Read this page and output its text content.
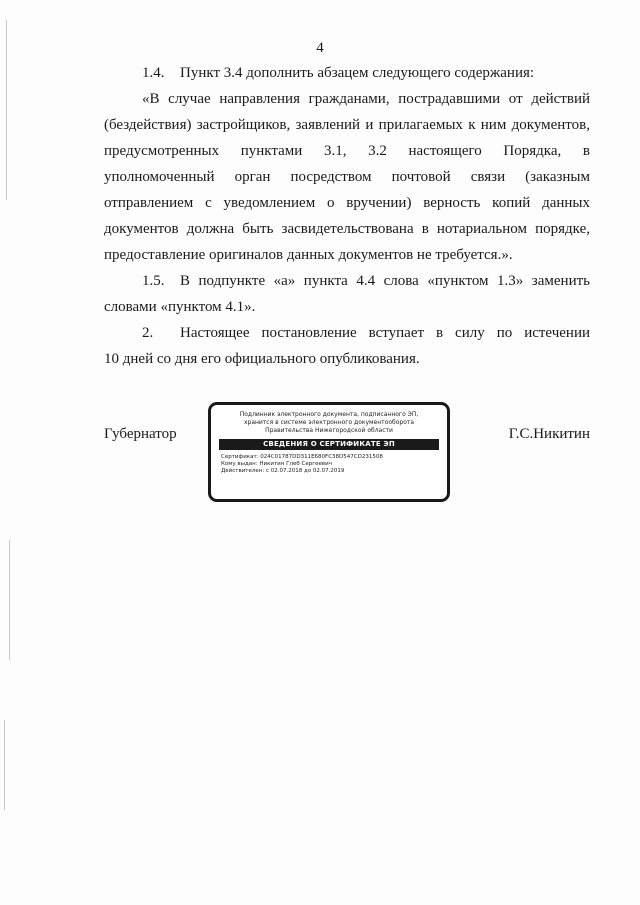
4
1.4. Пункт 3.4 дополнить абзацем следующего содержания:
«В случае направления гражданами, пострадавшими от действий
(бездействия) застройщиков, заявлений и прилагаемых к ним документов,
предусмотренных пунктами 3.1, 3.2 настоящего Порядка, в
уполномоченный орган посредством почтовой связи (заказным
отправлением с уведомлением о вручении) верность копий данных
документов должна быть засвидетельствована в нотариальном порядке,
предоставление оригиналов данных документов не требуется.».
1.5. В подпункте «а» пункта 4.4 слова «пунктом 1.3» заменить
словами «пунктом 4.1».
2. Настоящее постановление вступает в силу по истечении
10 дней со дня его официального опубликования.
Губернатор	Г.С.Никитин
Подлинник электронного документа, подписанного ЭП,
хранится в системе электронного документооборота
Правительства Нижегородской области
СВЕДЕНИЯ О СЕРТИФИКАТЕ ЭП
Сертификат: 024C01787DD311E680FC38D547CD231508
Кому выдан: Никитин Глеб Сергеевич
Действителен: с 02.07.2018 до 02.07.2019
